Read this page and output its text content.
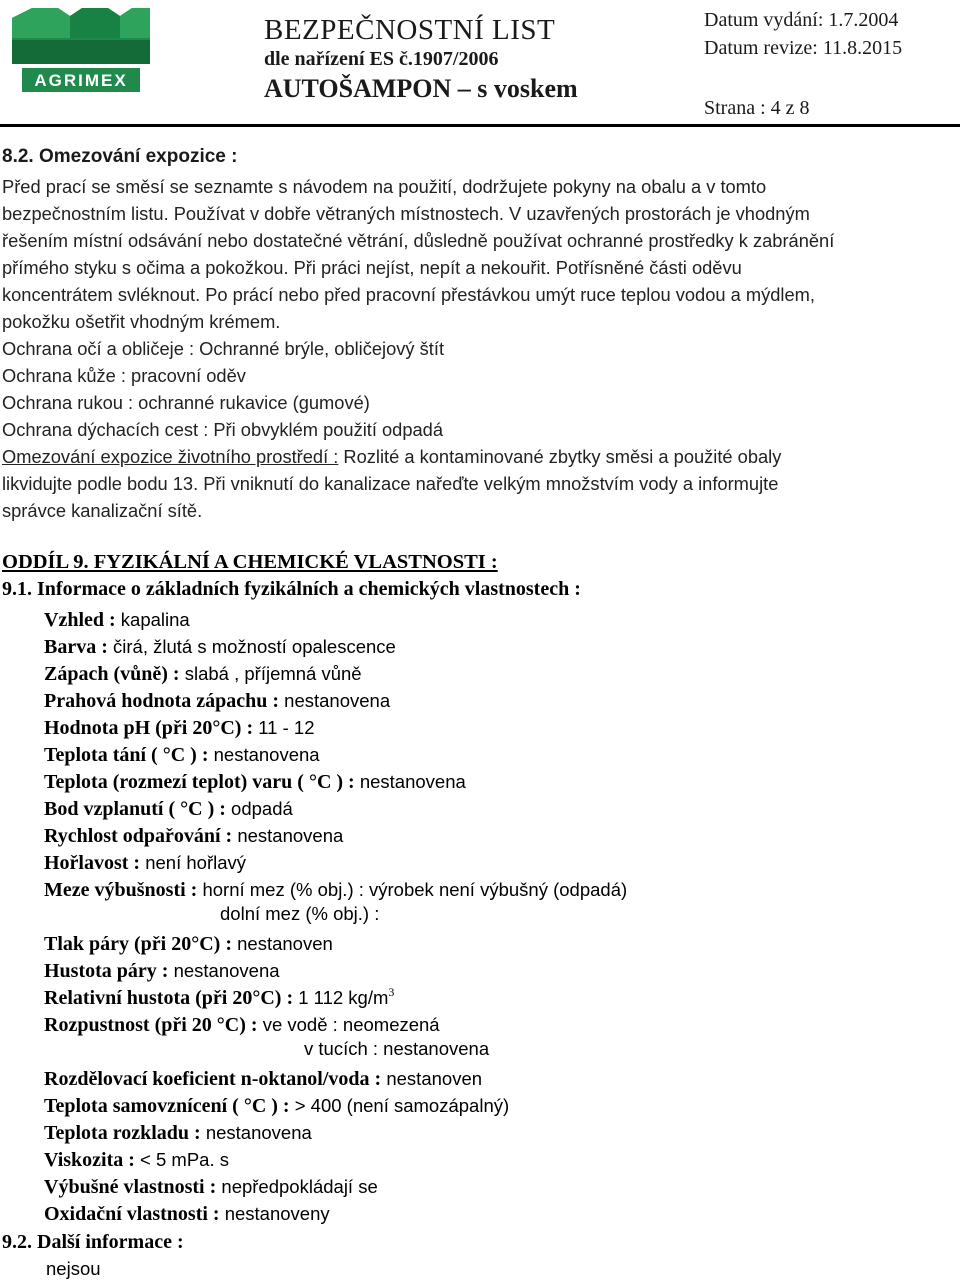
AGRIMEX
BEZPEČNOSTNÍ LIST
dle nařízení ES č.1907/2006
AUTOŠAMPON – s voskem
Datum vydání: 1.7.2004
Datum revize: 11.8.2015
Strana : 4 z 8
8.2. Omezování expozice :
Před prací se směsí se seznamte s návodem na použití, dodržujete pokyny na obalu a v tomto
bezpečnostním listu. Používat v dobře větraných místnostech. V uzavřených prostorách je vhodným
řešením místní odsávání nebo dostatečné větrání, důsledně používat ochranné prostředky k zabránění
přímého styku s očima a pokožkou. Při práci nejíst, nepít a nekouřit. Potřísněné části oděvu
koncentrátem svléknout. Po prácí nebo před pracovní přestávkou umýt ruce teplou vodou a mýdlem,
pokožku ošetřit vhodným krémem.
Ochrana očí a obličeje : Ochranné brýle, obličejový štít
Ochrana kůže : pracovní oděv
Ochrana rukou : ochranné rukavice (gumové)
Ochrana dýchacích cest : Při obvyklém použití odpadá
Omezování expozice životního prostředí : Rozlité a kontaminované zbytky směsi a použité obaly
likvidujte podle bodu 13. Při vniknutí do kanalizace nařeďte velkým množstvím vody a informujte
správce kanalizační sítě.
ODDÍL 9. FYZIKÁLNÍ A CHEMICKÉ VLASTNOSTI :
9.1. Informace o základních fyzikálních a chemických vlastnostech :
Vzhled : kapalina
Barva : čirá, žlutá s možností opalescence
Zápach (vůně) : slabá , příjemná vůně
Prahová hodnota zápachu : nestanovena
Hodnota pH (při 20°C) : 11 - 12
Teplota tání ( °C ) : nestanovena
Teplota (rozmezí teplot) varu ( °C ) : nestanovena
Bod vzplanutí ( °C ) : odpadá
Rychlost odpařování : nestanovena
Hořlavost : není hořlavý
Meze výbušnosti : horní mez (% obj.) : výrobek není výbušný (odpadá)
Tlak páry (při 20°C) : nestanoven
Hustota páry : nestanovena
Relativní hustota (při 20°C) : 1 112 $kg/m^3$
Rozpustnost (při 20 °C) : ve vodě : neomezená
Rozdělovací koeficient n-oktanol/voda : nestanoven
Teplota samovznícení ( °C ) : > 400 (není samozápalný)
Teplota rozkladu : nestanovena
Viskozita : < 5 mPa. s
Výbušné vlastnosti : nepředpokládají se
Oxidační vlastnosti : nestanoveny
dolní mez (% obj.) :
v tucích : nestanovena
9.2. Další informace :
nejsou
